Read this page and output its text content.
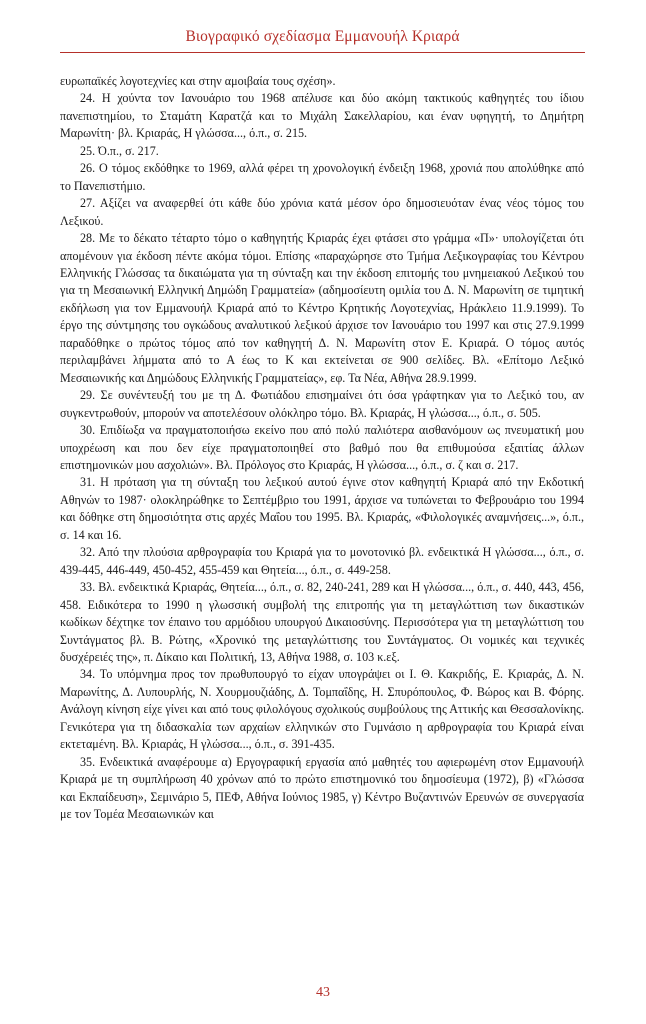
Βιογραφικό σχεδίασμα Εμμανουήλ Κριαρά

ευρωπαϊκές λογοτεχνίες και στην αμοιβαία τους σχέση».

24. Η χούντα τον Ιανουάριο του 1968 απέλυσε και δύο ακόμη τακτικούς καθηγητές του ίδιου πανεπιστημίου, το Σταμάτη Καρατζά και το Μιχάλη Σακελλαρίου, και έναν υφηγητή, το Δημήτρη Μαρωνίτη· βλ. Κριαράς, Η γλώσσα..., ό.π., σ. 215.

25. Ό.π., σ. 217.

26. Ο τόμος εκδόθηκε το 1969, αλλά φέρει τη χρονολογική ένδειξη 1968, χρονιά που απολύθηκε από το Πανεπιστήμιο.

27. Αξίζει να αναφερθεί ότι κάθε δύο χρόνια κατά μέσον όρο δημοσιευόταν ένας νέος τόμος του Λεξικού.

28. Με το δέκατο τέταρτο τόμο ο καθηγητής Κριαράς έχει φτάσει στο γράμμα «Π»· υπολογίζεται ότι απομένουν για έκδοση πέντε ακόμα τόμοι. Επίσης «παραχώρησε στο Τμήμα Λεξικογραφίας του Κέντρου Ελληνικής Γλώσσας τα δικαιώματα για τη σύνταξη και την έκδοση επιτομής του μνημειακού Λεξικού του για τη Μεσαιωνική Ελληνική Δημώδη Γραμματεία» (αδημοσίευτη ομιλία του Δ. Ν. Μαρωνίτη σε τιμητική εκδήλωση για τον Εμμανουήλ Κριαρά από το Κέντρο Κρητικής Λογοτεχνίας, Ηράκλειο 11.9.1999). Το έργο της σύντμησης του ογκώδους αναλυτικού λεξικού άρχισε τον Ιανουάριο του 1997 και στις 27.9.1999 παραδόθηκε ο πρώτος τόμος από τον καθηγητή Δ. Ν. Μαρωνίτη στον Ε. Κριαρά. Ο τόμος αυτός περιλαμβάνει λήμματα από το Α έως το Κ και εκτείνεται σε 900 σελίδες. Βλ. «Επίτομο Λεξικό Μεσαιωνικής και Δημώδους Ελληνικής Γραμματείας», εφ. Τα Νέα, Αθήνα 28.9.1999.

29. Σε συνέντευξή του με τη Δ. Φωτιάδου επισημαίνει ότι όσα γράφτηκαν για το Λεξικό του, αν συγκεντρωθούν, μπορούν να αποτελέσουν ολόκληρο τόμο. Βλ. Κριαράς, Η γλώσσα..., ό.π., σ. 505.

30. Επιδίωξα να πραγματοποιήσω εκείνο που από πολύ παλιότερα αισθανόμουν ως πνευματική μου υποχρέωση και που δεν είχε πραγματοποιηθεί στο βαθμό που θα επιθυμούσα εξαιτίας άλλων επιστημονικών μου ασχολιών». Βλ. Πρόλογος στο Κριαράς, Η γλώσσα..., ό.π., σ. ζ και σ. 217.

31. Η πρόταση για τη σύνταξη του λεξικού αυτού έγινε στον καθηγητή Κριαρά από την Εκδοτική Αθηνών το 1987· ολοκληρώθηκε το Σεπτέμβριο του 1991, άρχισε να τυπώνεται το Φεβρουάριο του 1994 και δόθηκε στη δημοσιότητα στις αρχές Μαΐου του 1995. Βλ. Κριαράς, «Φιλολογικές αναμνήσεις...», ό.π., σ. 14 και 16.

32. Από την πλούσια αρθρογραφία του Κριαρά για το μονοτονικό βλ. ενδεικτικά Η γλώσσα..., ό.π., σ. 439-445, 446-449, 450-452, 455-459 και Θητεία..., ό.π., σ. 449-258.

33. Βλ. ενδεικτικά Κριαράς, Θητεία..., ό.π., σ. 82, 240-241, 289 και Η γλώσσα..., ό.π., σ. 440, 443, 456, 458. Ειδικότερα το 1990 η γλωσσική συμβολή της επιτροπής για τη μεταγλώττιση των δικαστικών κωδίκων δέχτηκε τον έπαινο του αρμόδιου υπουργού Δικαιοσύνης. Περισσότερα για τη μεταγλώττιση του Συντάγματος βλ. Β. Ρώτης, «Χρονικό της μεταγλώττισης του Συντάγματος. Οι νομικές και τεχνικές δυσχέρειές της», π. Δίκαιο και Πολιτική, 13, Αθήνα 1988, σ. 103 κ.εξ.

34. Το υπόμνημα προς τον πρωθυπουργό το είχαν υπογράψει οι Ι. Θ. Κακριδής, Ε. Κριαράς, Δ. Ν. Μαρωνίτης, Δ. Λυπουρλής, Ν. Χουρμουζιάδης, Δ. Τομπαΐδης, Η. Σπυρόπουλος, Φ. Βώρος και Β. Φόρης. Ανάλογη κίνηση είχε γίνει και από τους φιλολόγους σχολικούς συμβούλους της Αττικής και Θεσσαλονίκης. Γενικότερα για τη διδασκαλία των αρχαίων ελληνικών στο Γυμνάσιο η αρθρογραφία του Κριαρά είναι εκτεταμένη. Βλ. Κριαράς, Η γλώσσα..., ό.π., σ. 391-435.

35. Ενδεικτικά αναφέρουμε α) Εργογραφική εργασία από μαθητές του αφιερωμένη στον Εμμανουήλ Κριαρά με τη συμπλήρωση 40 χρόνων από το πρώτο επιστημονικό του δημοσίευμα (1972), β) «Γλώσσα και Εκπαίδευση», Σεμινάριο 5, ΠΕΦ, Αθήνα Ιούνιος 1985, γ) Κέντρο Βυζαντινών Ερευνών σε συνεργασία με τον Τομέα Μεσαιωνικών και

43
